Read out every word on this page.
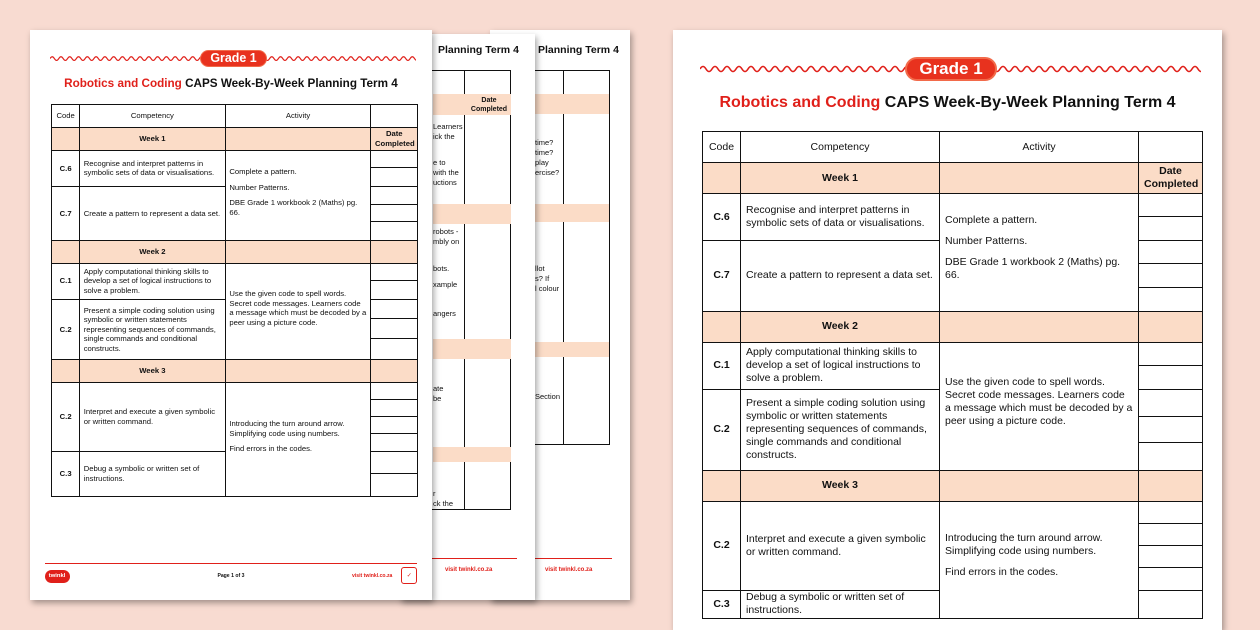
Planning Term 4
time?
time?
play
ercise?
llot
s? If
l colour
Section
visit twinkl.co.za
Planning Term 4
Date Completed
Learners
ick the
e to
with the
uctions
robots -
mbly on
bots.
xample
angers
ate
be
r
ck the
visit twinkl.co.za
Grade 1
Robotics and Coding CAPS Week-By-Week Planning Term 4
Code	Competency	Activity	
	Week 1		Date Completed
C.6	Recognise and interpret patterns in symbolic sets of data or visualisations.	Complete a pattern.

Number Patterns.

DBE Grade 1 workbook 2 (Maths) pg. 66.	

C.7	Create a pattern to represent a data set.		

	Week 2		
C.1	Apply computational thinking skills to develop a set of logical instructions to solve a problem.	Use the given code to spell words. Secret code messages. Learners code a message which must be decoded by a peer using a picture code.	

C.2	Present a simple coding solution using symbolic or written statements representing sequences of commands, single commands and conditional constructs.		

	Week 3		
C.2	Interpret and execute a given symbolic or written command.	Introducing the turn around arrow. Simplifying code using numbers.

Find errors in the codes.	

C.3	Debug a symbolic or written set of instructions.		
twinkl	Page 1 of 3	visit twinkl.co.za	✓
Grade 1
Robotics and Coding CAPS Week-By-Week Planning Term 4
Code	Competency	Activity	
	Week 1		Date Completed
C.6	Recognise and interpret patterns in symbolic sets of data or visualisations.	Complete a pattern.

Number Patterns.

DBE Grade 1 workbook 2 (Maths) pg. 66.	

C.7	Create a pattern to represent a data set.		

	Week 2		
C.1	Apply computational thinking skills to develop a set of logical instructions to solve a problem.	Use the given code to spell words. Secret code messages. Learners code a message which must be decoded by a peer using a picture code.	

C.2	Present a simple coding solution using symbolic or written statements representing sequences of commands, single commands and conditional constructs.		

	Week 3		
C.2	Interpret and execute a given symbolic or written command.	Introducing the turn around arrow. Simplifying code using numbers.

Find errors in the codes.	

C.3	Debug a symbolic or written set of instructions.		
